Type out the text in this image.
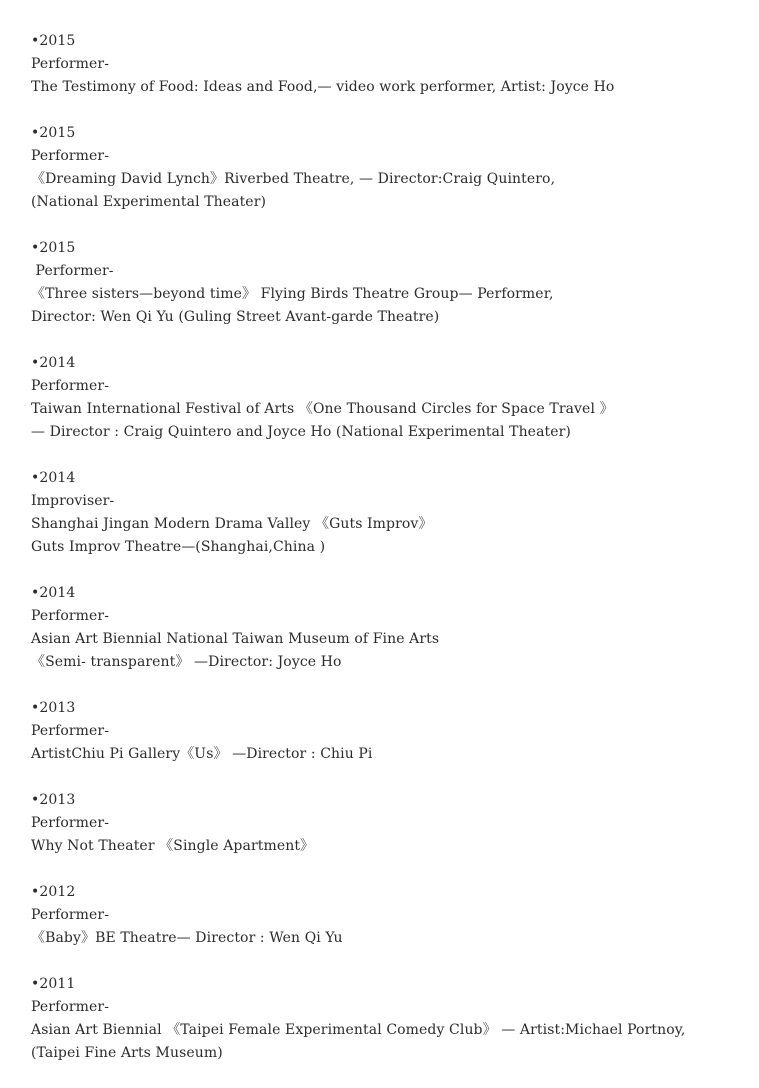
•2015
Performer-
The Testimony of Food: Ideas and Food,— video work performer, Artist: Joyce Ho
•2015
Performer-
《Dreaming David Lynch》Riverbed Theatre, — Director:Craig Quintero,
(National Experimental Theater)
•2015
Performer-
《Three sisters—beyond time》 Flying Birds Theatre Group— Performer,
Director: Wen Qi Yu (Guling Street Avant-garde Theatre)
•2014
Performer-
Taiwan International Festival of Arts 《One Thousand Circles for Space Travel 》
— Director : Craig Quintero and Joyce Ho (National Experimental Theater)
•2014
Improviser-
Shanghai Jingan Modern Drama Valley 《Guts Improv》
Guts Improv Theatre—(Shanghai,China )
•2014
Performer-
Asian Art Biennial National Taiwan Museum of Fine Arts
《Semi- transparent》 —Director: Joyce Ho
•2013
Performer-
ArtistChiu Pi Gallery《Us》 —Director : Chiu Pi
•2013
Performer-
Why Not Theater 《Single Apartment》
•2012
Performer-
《Baby》BE Theatre— Director : Wen Qi Yu
•2011
Performer-
Asian Art Biennial 《Taipei Female Experimental Comedy Club》 — Artist:Michael Portnoy,
(Taipei Fine Arts Museum)
